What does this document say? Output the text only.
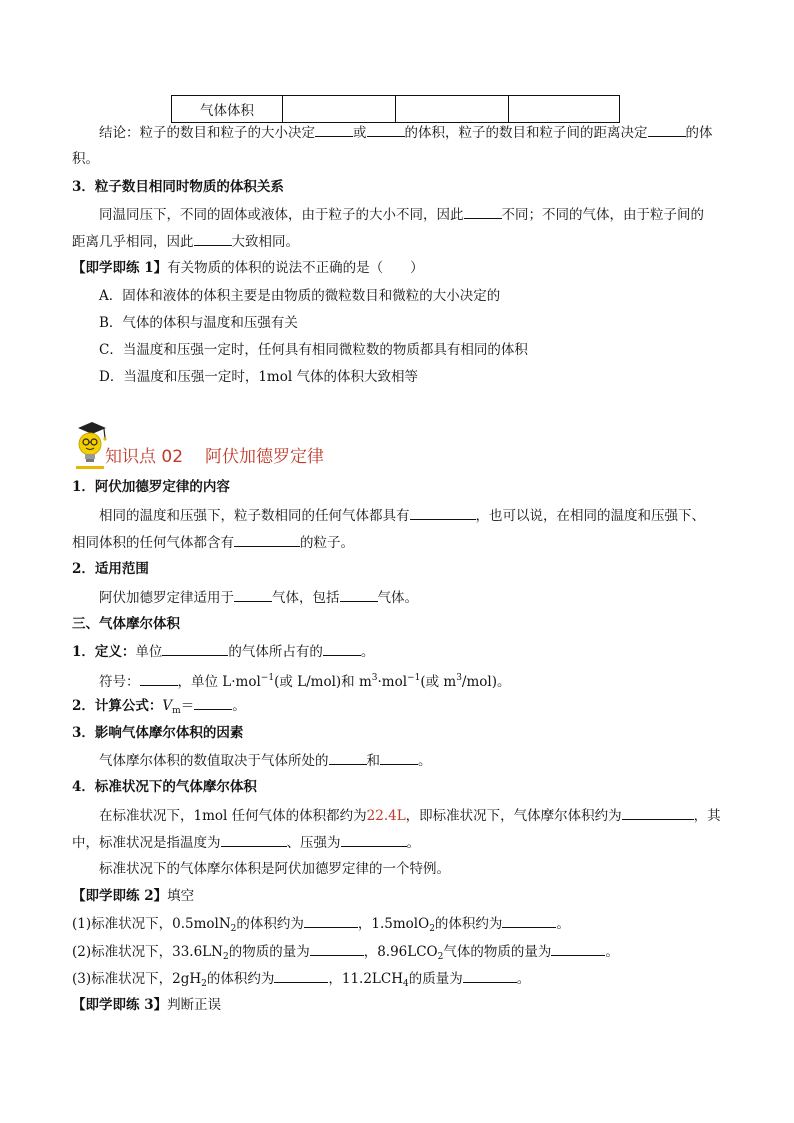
气体体积			
结论：粒子的数目和粒子的大小决定	或	的体积，粒子的数目和粒子间的距离决定	的体
积。
3．粒子数目相同时物质的体积关系
同温同压下，不同的固体或液体，由于粒子的大小不同，因此	不同；不同的气体，由于粒子间的
距离几乎相同，因此	大致相同。
【即学即练 1】有关物质的体积的说法不正确的是（　　）
A．固体和液体的体积主要是由物质的微粒数目和微粒的大小决定的
B．气体的体积与温度和压强有关
C．当温度和压强一定时，任何具有相同微粒数的物质都具有相同的体积
D．当温度和压强一定时，1mol 气体的体积大致相等
知识点 02 阿伏加德罗定律
1．阿伏加德罗定律的内容
相同的温度和压强下，粒子数相同的任何气体都具有	，也可以说，在相同的温度和压强下、
相同体积的任何气体都含有	的粒子。
2．适用范围
阿伏加德罗定律适用于	气体，包括	气体。
三、气体摩尔体积
1．定义：单位	的气体所占有的	。
符号：	，单位 L·mol$^{-1}$(或 L/mol)和 $m^3\cdot mol^{-1}$(或 $m^3/mol$)。
2．计算公式：$V_m=$	。
3．影响气体摩尔体积的因素
气体摩尔体积的数值取决于气体所处的	和	。
4．标准状况下的气体摩尔体积
在标准状况下，1mol 任何气体的体积都约为22.4L，即标准状况下，气体摩尔体积约为	，其
中，标准状况是指温度为	、压强为	。
标准状况下的气体摩尔体积是阿伏加德罗定律的一个特例。
【即学即练 2】填空
(1)标准状况下，0.5molN$_2$的体积约为	，1.5molO$_2$的体积约为	。
(2)标准状况下，$33.6LN_2$的物质的量为	，$8.96LCO_2$气体的物质的量为	。
(3)标准状况下，$2gH_2$的体积约为	，$11.2LCH_4$的质量为	。
【即学即练 3】判断正误
